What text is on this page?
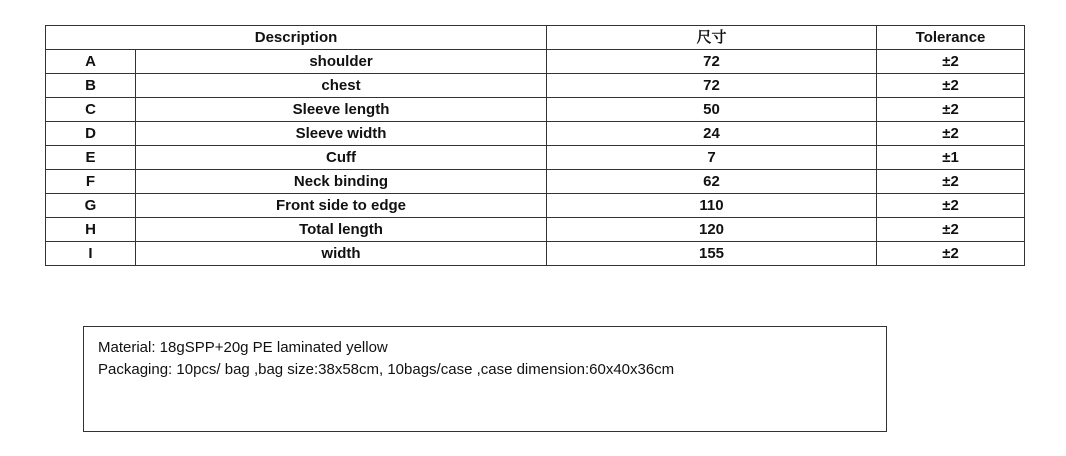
Description		尺寸	Tolerance
A	shoulder	72	±2
B	chest	72	±2
C	Sleeve length	50	±2
D	Sleeve width	24	±2
E	Cuff	7	±1
F	Neck binding	62	±2
G	Front side to edge	110	±2
H	Total length	120	±2
I	width	155	±2
Material: 18gSPP+20g PE laminated yellow
Packaging: 10pcs/ bag ,bag size:38x58cm, 10bags/case ,case dimension:60x40x36cm
